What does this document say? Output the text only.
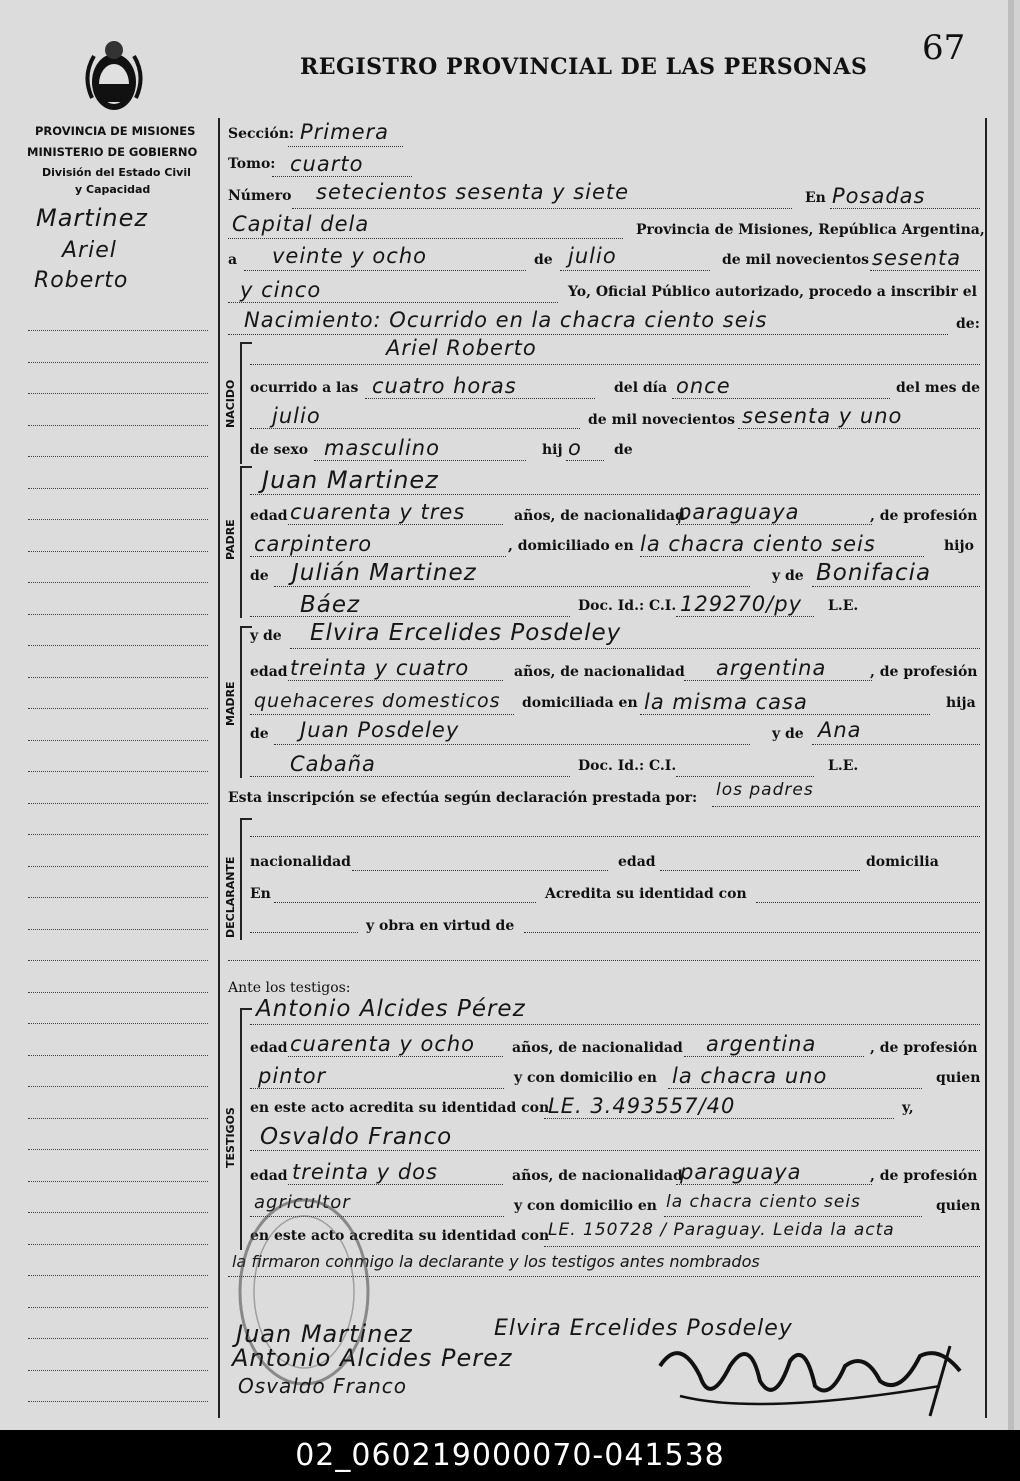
REGISTRO PROVINCIAL DE LAS PERSONAS 67
PROVINCIA DE MISIONES
MINISTERIO DE GOBIERNO
División del Estado Civil
y Capacidad
Martinez
Ariel
Roberto
Sección: Primera
Tomo: cuarto
Número setecientos sesenta y siete	En Posadas
Capital dela	Provincia de Misiones, República Argentina,
a veinte y ocho	de julio	de mil novecientos sesenta
y cinco	Yo, Oficial Público autorizado, procedo a inscribir el
Nacimiento: Ocurrido en la chacra ciento seis	de:
NACIDO
Ariel Roberto
ocurrido a las cuatro horas	del día once	del mes de
julio	de mil novecientos sesenta y uno
de sexo masculino	hij o de
PADRE
Juan Martinez
edad cuarenta y tres	años, de nacionalidad
paraguaya	, de profesión
carpintero	, domiciliado en la chacra ciento seis	hijo
de Julián Martinez	y de Bonifacia
Báez	Doc. Id.: C.I. 129270/py L.E.
MADRE
y de Elvira Ercelides Posdeley
edad treinta y cuatro	años, de nacionalidad argentina	, de profesión
quehaceres domesticos domiciliada en la misma casa	hija
de Juan Posdeley	y de Ana
Cabaña	Doc. Id.: C.I.	L.E.
Esta inscripción se efectúa según declaración prestada por: los padres
DECLARANTE nacionalidad	edad	domicilia
En	Acredita su identidad con
y obra en virtud de
Ante los testigos:
TESTIGOS
Antonio Alcides Pérez
edad cuarenta y ocho	años, de nacionalidad argentina	, de profesión
pintor	y con domicilio en la chacra uno	quien
en este acto acredita su identidad con
LE. 3.493557/40	y,
Osvaldo Franco
edad treinta y dos	años, de nacionalidad
paraguaya	, de profesión
agricultor	y con domicilio en la chacra ciento seis	quien
en este acto acredita su identidad con
LE. 150728 / Paraguay. Leida la acta
la firmaron conmigo la declarante y los testigos antes nombrados
Juan Martinez	Elvira Ercelides Posdeley
Antonio Alcides Perez
Osvaldo Franco
02_060219000070-041538
